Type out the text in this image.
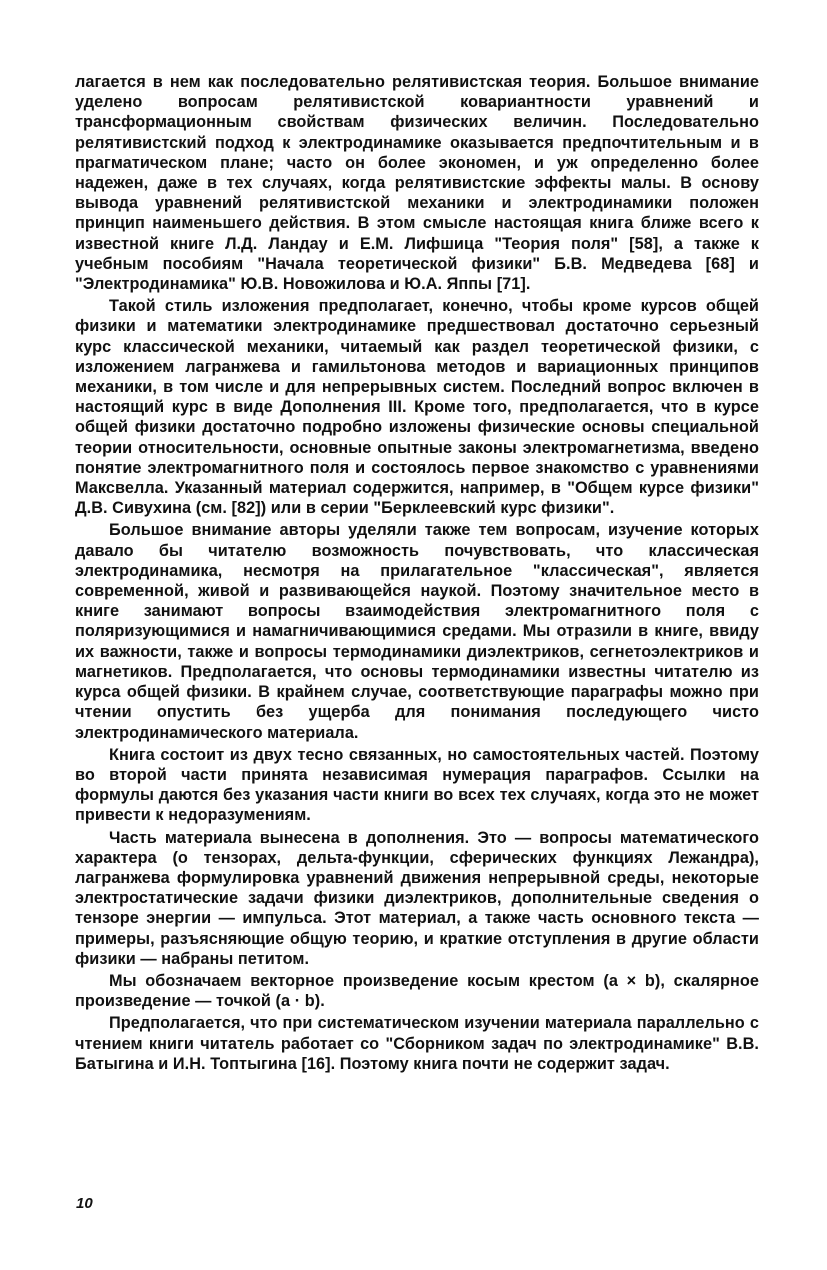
лагается в нем как последовательно релятивистская теория. Большое внимание уделено вопросам релятивистской ковариантности уравнений и трансформационным свойствам физических величин. Последовательно релятивистский подход к электродинамике оказывается предпочтительным и в прагматическом плане; часто он более экономен, и уж определенно более надежен, даже в тех случаях, когда релятивистские эффекты малы. В основу вывода уравнений релятивистской механики и электродинамики положен принцип наименьшего действия. В этом смысле настоящая книга ближе всего к известной книге Л.Д. Ландау и Е.М. Лифшица "Теория поля" [58], а также к учебным пособиям "Начала теоретической физики" Б.В. Медведева [68] и "Электродинамика" Ю.В. Новожилова и Ю.А. Яппы [71].

Такой стиль изложения предполагает, конечно, чтобы кроме курсов общей физики и математики электродинамике предшествовал достаточно серьезный курс классической механики, читаемый как раздел теоретической физики, с изложением лагранжева и гамильтонова методов и вариационных принципов механики, в том числе и для непрерывных систем. Последний вопрос включен в настоящий курс в виде Дополнения III. Кроме того, предполагается, что в курсе общей физики достаточно подробно изложены физические основы специальной теории относительности, основные опытные законы электромагнетизма, введено понятие электромагнитного поля и состоялось первое знакомство с уравнениями Максвелла. Указанный материал содержится, например, в "Общем курсе физики" Д.В. Сивухина (см. [82]) или в серии "Берклеевский курс физики".

Большое внимание авторы уделяли также тем вопросам, изучение которых давало бы читателю возможность почувствовать, что классическая электродинамика, несмотря на прилагательное "классическая", является современной, живой и развивающейся наукой. Поэтому значительное место в книге занимают вопросы взаимодействия электромагнитного поля с поляризующимися и намагничивающимися средами. Мы отразили в книге, ввиду их важности, также и вопросы термодинамики диэлектриков, сегнетоэлектриков и магнетиков. Предполагается, что основы термодинамики известны читателю из курса общей физики. В крайнем случае, соответствующие параграфы можно при чтении опустить без ущерба для понимания последующего чисто электродинамического материала.

Книга состоит из двух тесно связанных, но самостоятельных частей. Поэтому во второй части принята независимая нумерация параграфов. Ссылки на формулы даются без указания части книги во всех тех случаях, когда это не может привести к недоразумениям.

Часть материала вынесена в дополнения. Это — вопросы математического характера (о тензорах, дельта-функции, сферических функциях Лежандра), лагранжева формулировка уравнений движения непрерывной среды, некоторые электростатические задачи физики диэлектриков, дополнительные сведения о тензоре энергии — импульса. Этот материал, а также часть основного текста — примеры, разъясняющие общую теорию, и краткие отступления в другие области физики — набраны петитом.

Мы обозначаем векторное произведение косым крестом (a × b), скалярное произведение — точкой (a · b).

Предполагается, что при систематическом изучении материала параллельно с чтением книги читатель работает со "Сборником задач по электродинамике" В.В. Батыгина и И.Н. Топтыгина [16]. Поэтому книга почти не содержит задач.

10
